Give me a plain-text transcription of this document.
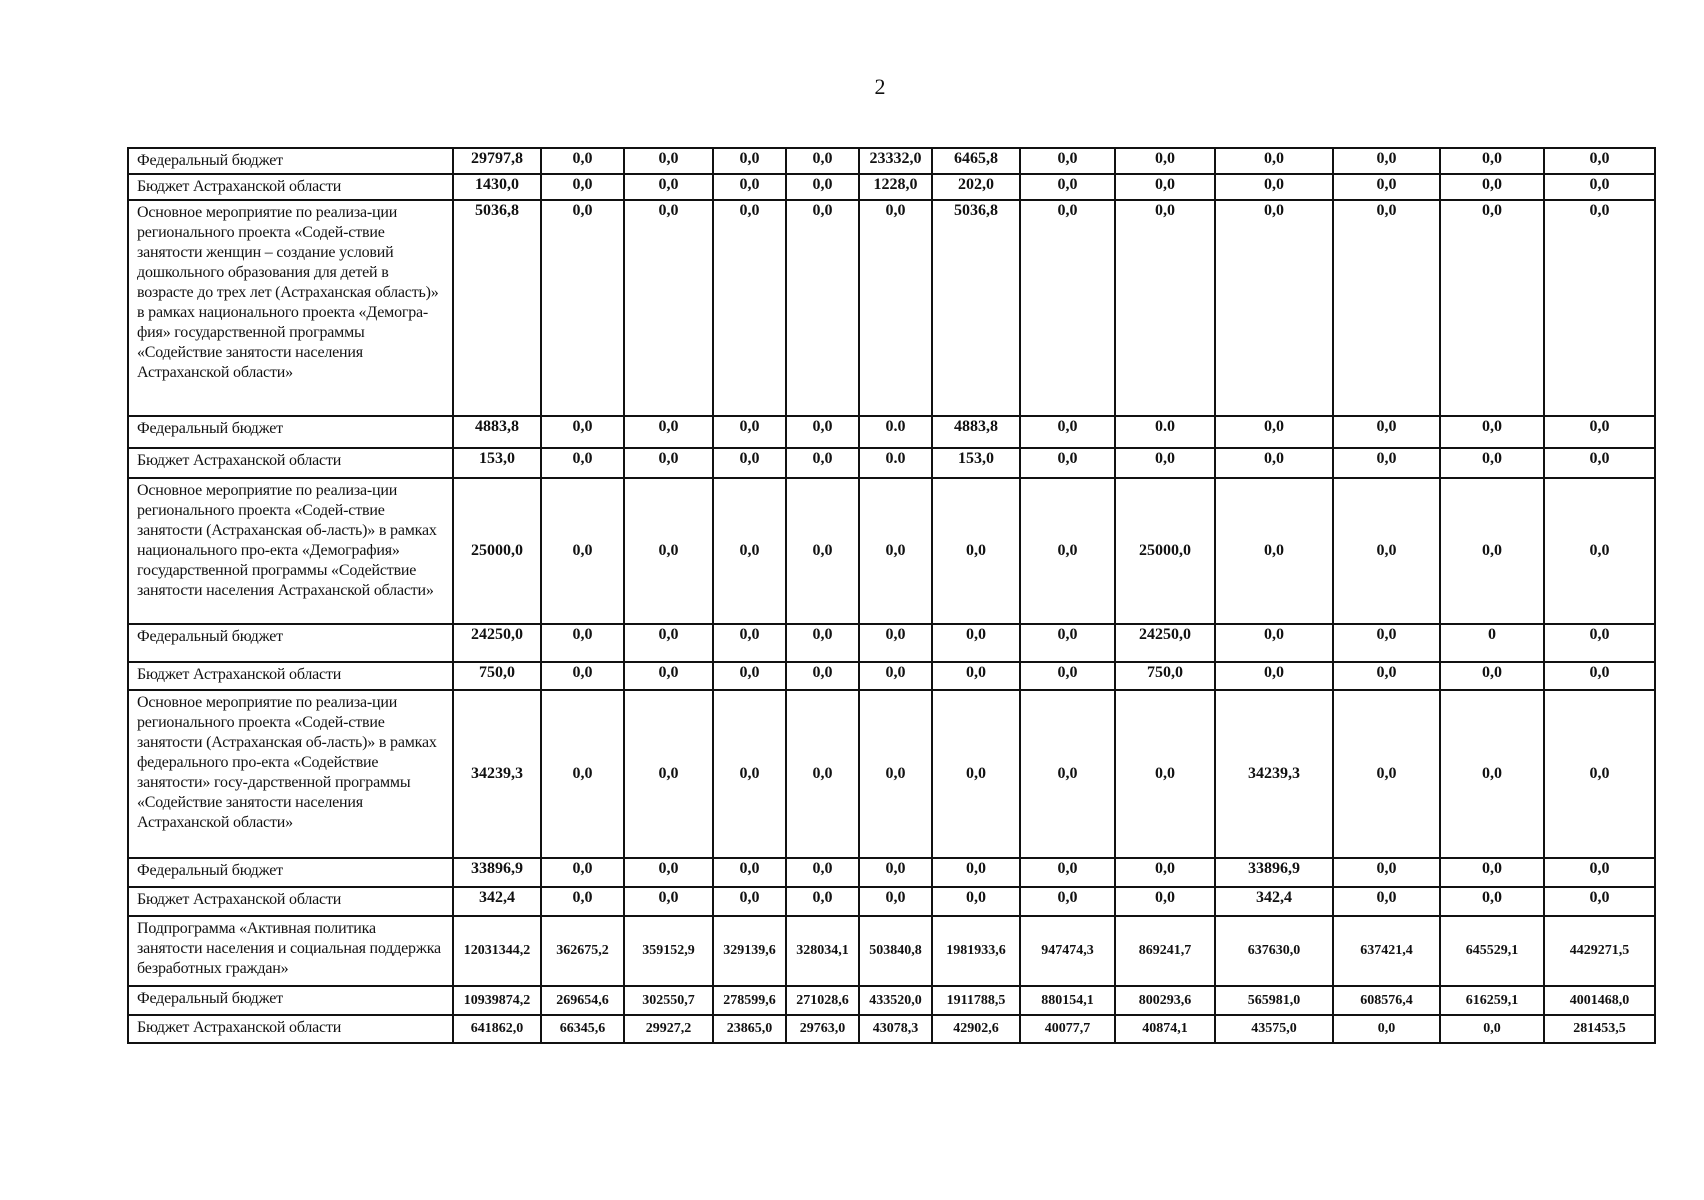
2
Федеральный бюджет	29797,8	0,0	0,0	0,0	0,0	23332,0	6465,8	0,0	0,0	0,0	0,0	0,0	0,0
Бюджет Астраханской области	1430,0	0,0	0,0	0,0	0,0	1228,0	202,0	0,0	0,0	0,0	0,0	0,0	0,0
Основное мероприятие по реализа-ции регионального проекта «Содей-ствие занятости женщин – создание условий дошкольного образования для детей в возрасте до трех лет (Астраханская область)» в рамках национального проекта «Демогра-фия» государственной программы «Содействие занятости населения Астраханской области»	5036,8	0,0	0,0	0,0	0,0	0,0	5036,8	0,0	0,0	0,0	0,0	0,0	0,0
Федеральный бюджет	4883,8	0,0	0,0	0,0	0,0	0.0	4883,8	0,0	0.0	0,0	0,0	0,0	0,0
Бюджет Астраханской области	153,0	0,0	0,0	0,0	0,0	0.0	153,0	0,0	0,0	0,0	0,0	0,0	0,0
Основное мероприятие по реализа-ции регионального проекта «Содей-ствие занятости (Астраханская об-ласть)» в рамках национального про-екта «Демография» государственной программы «Содействие занятости населения Астраханской области»	25000,0	0,0	0,0	0,0	0,0	0,0	0,0	0,0	25000,0	0,0	0,0	0,0	0,0
Федеральный бюджет	24250,0	0,0	0,0	0,0	0,0	0,0	0,0	0,0	24250,0	0,0	0,0	0	0,0
Бюджет Астраханской области	750,0	0,0	0,0	0,0	0,0	0,0	0,0	0,0	750,0	0,0	0,0	0,0	0,0
Основное мероприятие по реализа-ции регионального проекта «Содей-ствие занятости (Астраханская об-ласть)» в рамках федерального про-екта «Содействие занятости» госу-дарственной программы «Содействие занятости населения Астраханской области»	34239,3	0,0	0,0	0,0	0,0	0,0	0,0	0,0	0,0	34239,3	0,0	0,0	0,0
Федеральный бюджет	33896,9	0,0	0,0	0,0	0,0	0,0	0,0	0,0	0,0	33896,9	0,0	0,0	0,0
Бюджет Астраханской области	342,4	0,0	0,0	0,0	0,0	0,0	0,0	0,0	0,0	342,4	0,0	0,0	0,0
Подпрограмма «Активная политика занятости населения и социальная поддержка безработных граждан»	12031344,2	362675,2	359152,9	329139,6	328034,1	503840,8	1981933,6	947474,3	869241,7	637630,0	637421,4	645529,1	4429271,5
Федеральный бюджет	10939874,2	269654,6	302550,7	278599,6	271028,6	433520,0	1911788,5	880154,1	800293,6	565981,0	608576,4	616259,1	4001468,0
Бюджет Астраханской области	641862,0	66345,6	29927,2	23865,0	29763,0	43078,3	42902,6	40077,7	40874,1	43575,0	0,0	0,0	281453,5
